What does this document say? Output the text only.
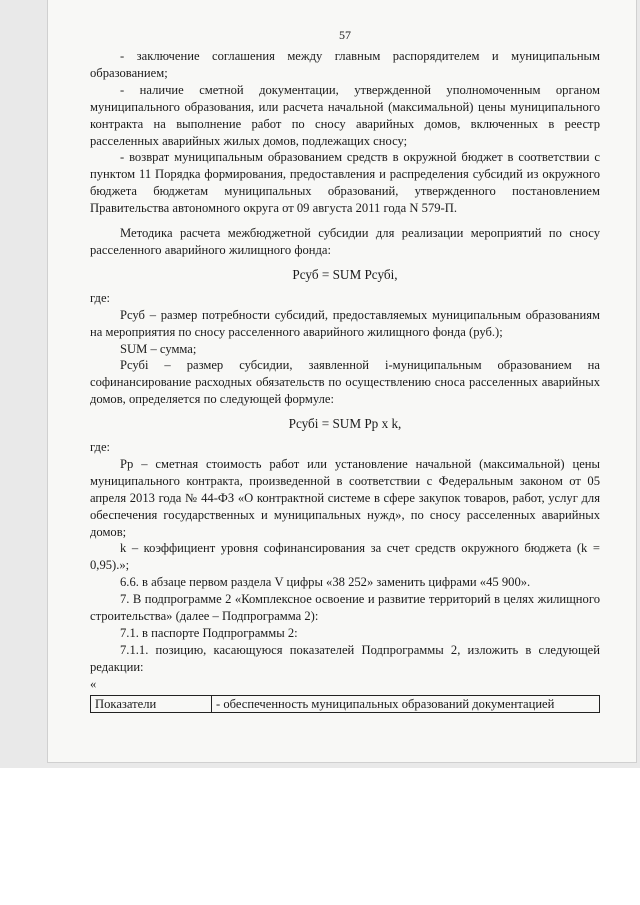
57

- заключение соглашения между главным распорядителем и муниципальным образованием;

- наличие сметной документации, утвержденной уполномоченным органом муниципального образования, или расчета начальной (максимальной) цены муниципального контракта на выполнение работ по сносу аварийных домов, включенных в реестр расселенных аварийных жилых домов, подлежащих сносу;

- возврат муниципальным образованием средств в окружной бюджет в соответствии с пунктом 11 Порядка формирования, предоставления и распределения субсидий из окружного бюджета бюджетам муниципальных образований, утвержденного постановлением Правительства автономного округа от 09 августа 2011 года N 579-П.

Методика расчета межбюджетной субсидии для реализации мероприятий по сносу расселенного аварийного жилищного фонда:

Рсуб = SUM Рсубi,

где:

Рсуб – размер потребности субсидий, предоставляемых муниципальным образованиям на мероприятия по сносу расселенного аварийного жилищного фонда (руб.);

SUM – сумма;

Рсубi – размер субсидии, заявленной i-муниципальным образованием на софинансирование расходных обязательств по осуществлению сноса расселенных аварийных домов, определяется по следующей формуле:

Рсубi = SUM Рр x k,

где:

Рр – сметная стоимость работ или установление начальной (максимальной) цены муниципального контракта, произведенной в соответствии с Федеральным законом от 05 апреля 2013 года № 44-ФЗ «О контрактной системе в сфере закупок товаров, работ, услуг для обеспечения государственных и муниципальных нужд», по сносу расселенных аварийных домов;

k – коэффициент уровня софинансирования за счет средств окружного бюджета (k = 0,95).»;

6.6. в абзаце первом раздела V цифры «38 252» заменить цифрами «45 900».

7. В подпрограмме 2 «Комплексное освоение и развитие территорий в целях жилищного строительства» (далее – Подпрограмма 2):

7.1. в паспорте Подпрограммы 2:

7.1.1. позицию, касающуюся показателей Подпрограммы 2, изложить в следующей редакции:

«

Показатели	- обеспеченность муниципальных образований документацией
